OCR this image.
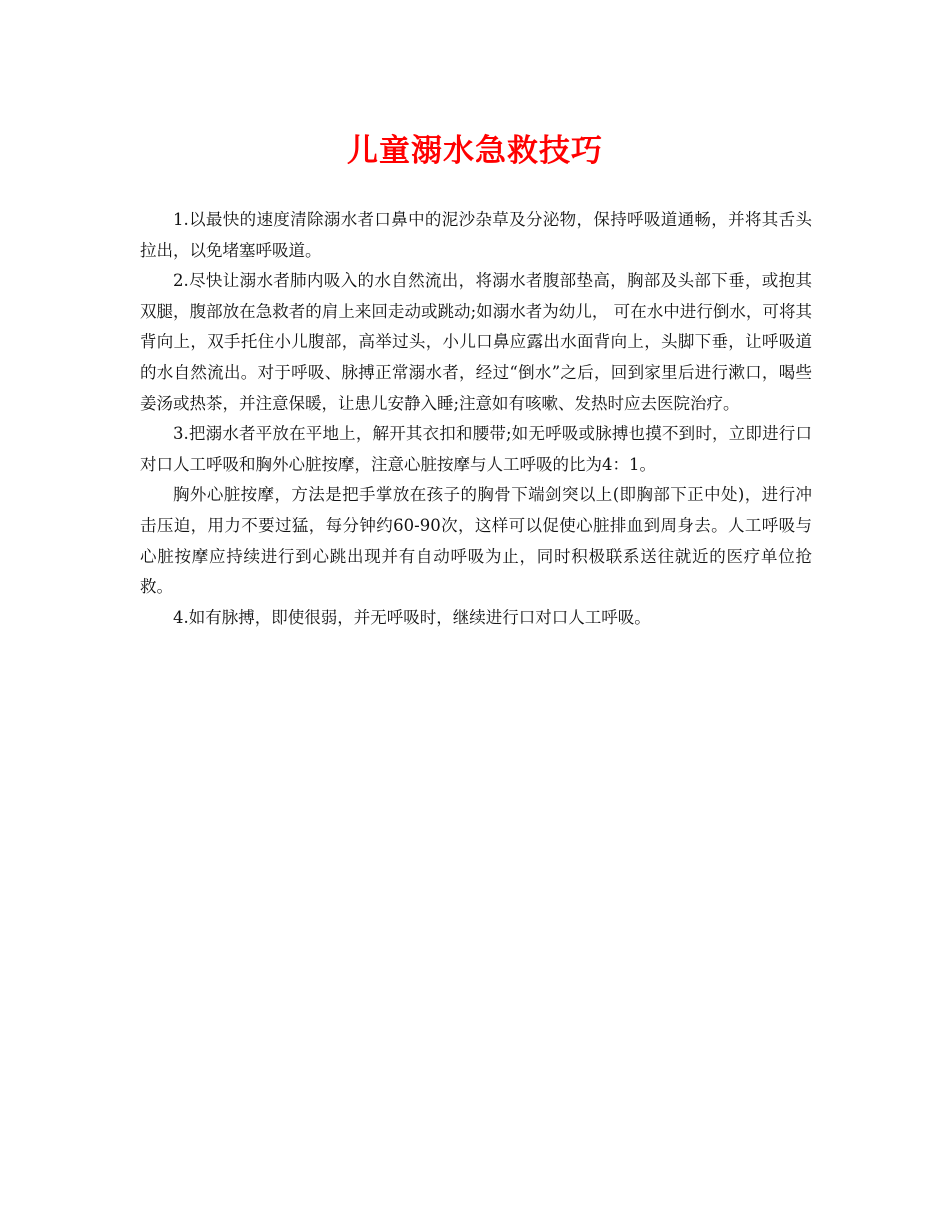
儿童溺水急救技巧

1.以最快的速度清除溺水者口鼻中的泥沙杂草及分泌物，保持呼吸道通畅，并将其舌头拉出，以免堵塞呼吸道。

2.尽快让溺水者肺内吸入的水自然流出，将溺水者腹部垫高，胸部及头部下垂，或抱其双腿，腹部放在急救者的肩上来回走动或跳动;如溺水者为幼儿， 可在水中进行倒水，可将其背向上，双手托住小儿腹部，高举过头，小儿口鼻应露出水面背向上，头脚下垂，让呼吸道的水自然流出。对于呼吸、脉搏正常溺水者，经过“倒水”之后，回到家里后进行漱口，喝些姜汤或热茶，并注意保暖，让患儿安静入睡;注意如有咳嗽、发热时应去医院治疗。

3.把溺水者平放在平地上，解开其衣扣和腰带;如无呼吸或脉搏也摸不到时，立即进行口对口人工呼吸和胸外心脏按摩，注意心脏按摩与人工呼吸的比为4：1。

胸外心脏按摩，方法是把手掌放在孩子的胸骨下端剑突以上(即胸部下正中处)，进行冲击压迫，用力不要过猛，每分钟约60-90次，这样可以促使心脏排血到周身去。人工呼吸与心脏按摩应持续进行到心跳出现并有自动呼吸为止，同时积极联系送往就近的医疗单位抢救。

4.如有脉搏，即使很弱，并无呼吸时，继续进行口对口人工呼吸。
